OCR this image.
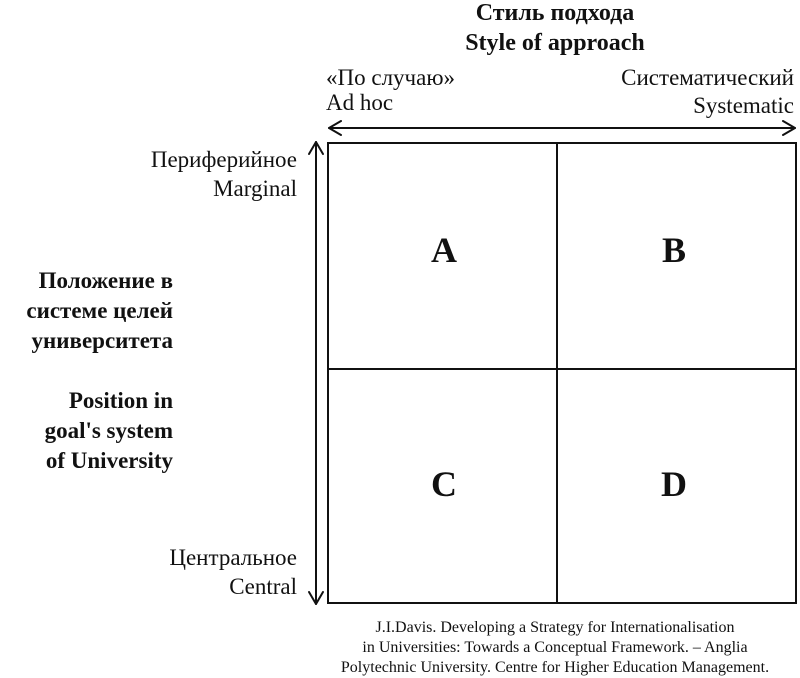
Стиль подхода
Style of approach
«По случаю»
Ad hoc
Систематический
Systematic
Периферийное
Marginal
Центральное
Central
Положение в
системе целей
университета
Position in
goal's system
of University
A	B
C	D
J.I.Davis. Developing a Strategy for Internationalisation
in Universities: Towards a Conceptual Framework. – Anglia
Polytechnic University. Centre for Higher Education Management.
